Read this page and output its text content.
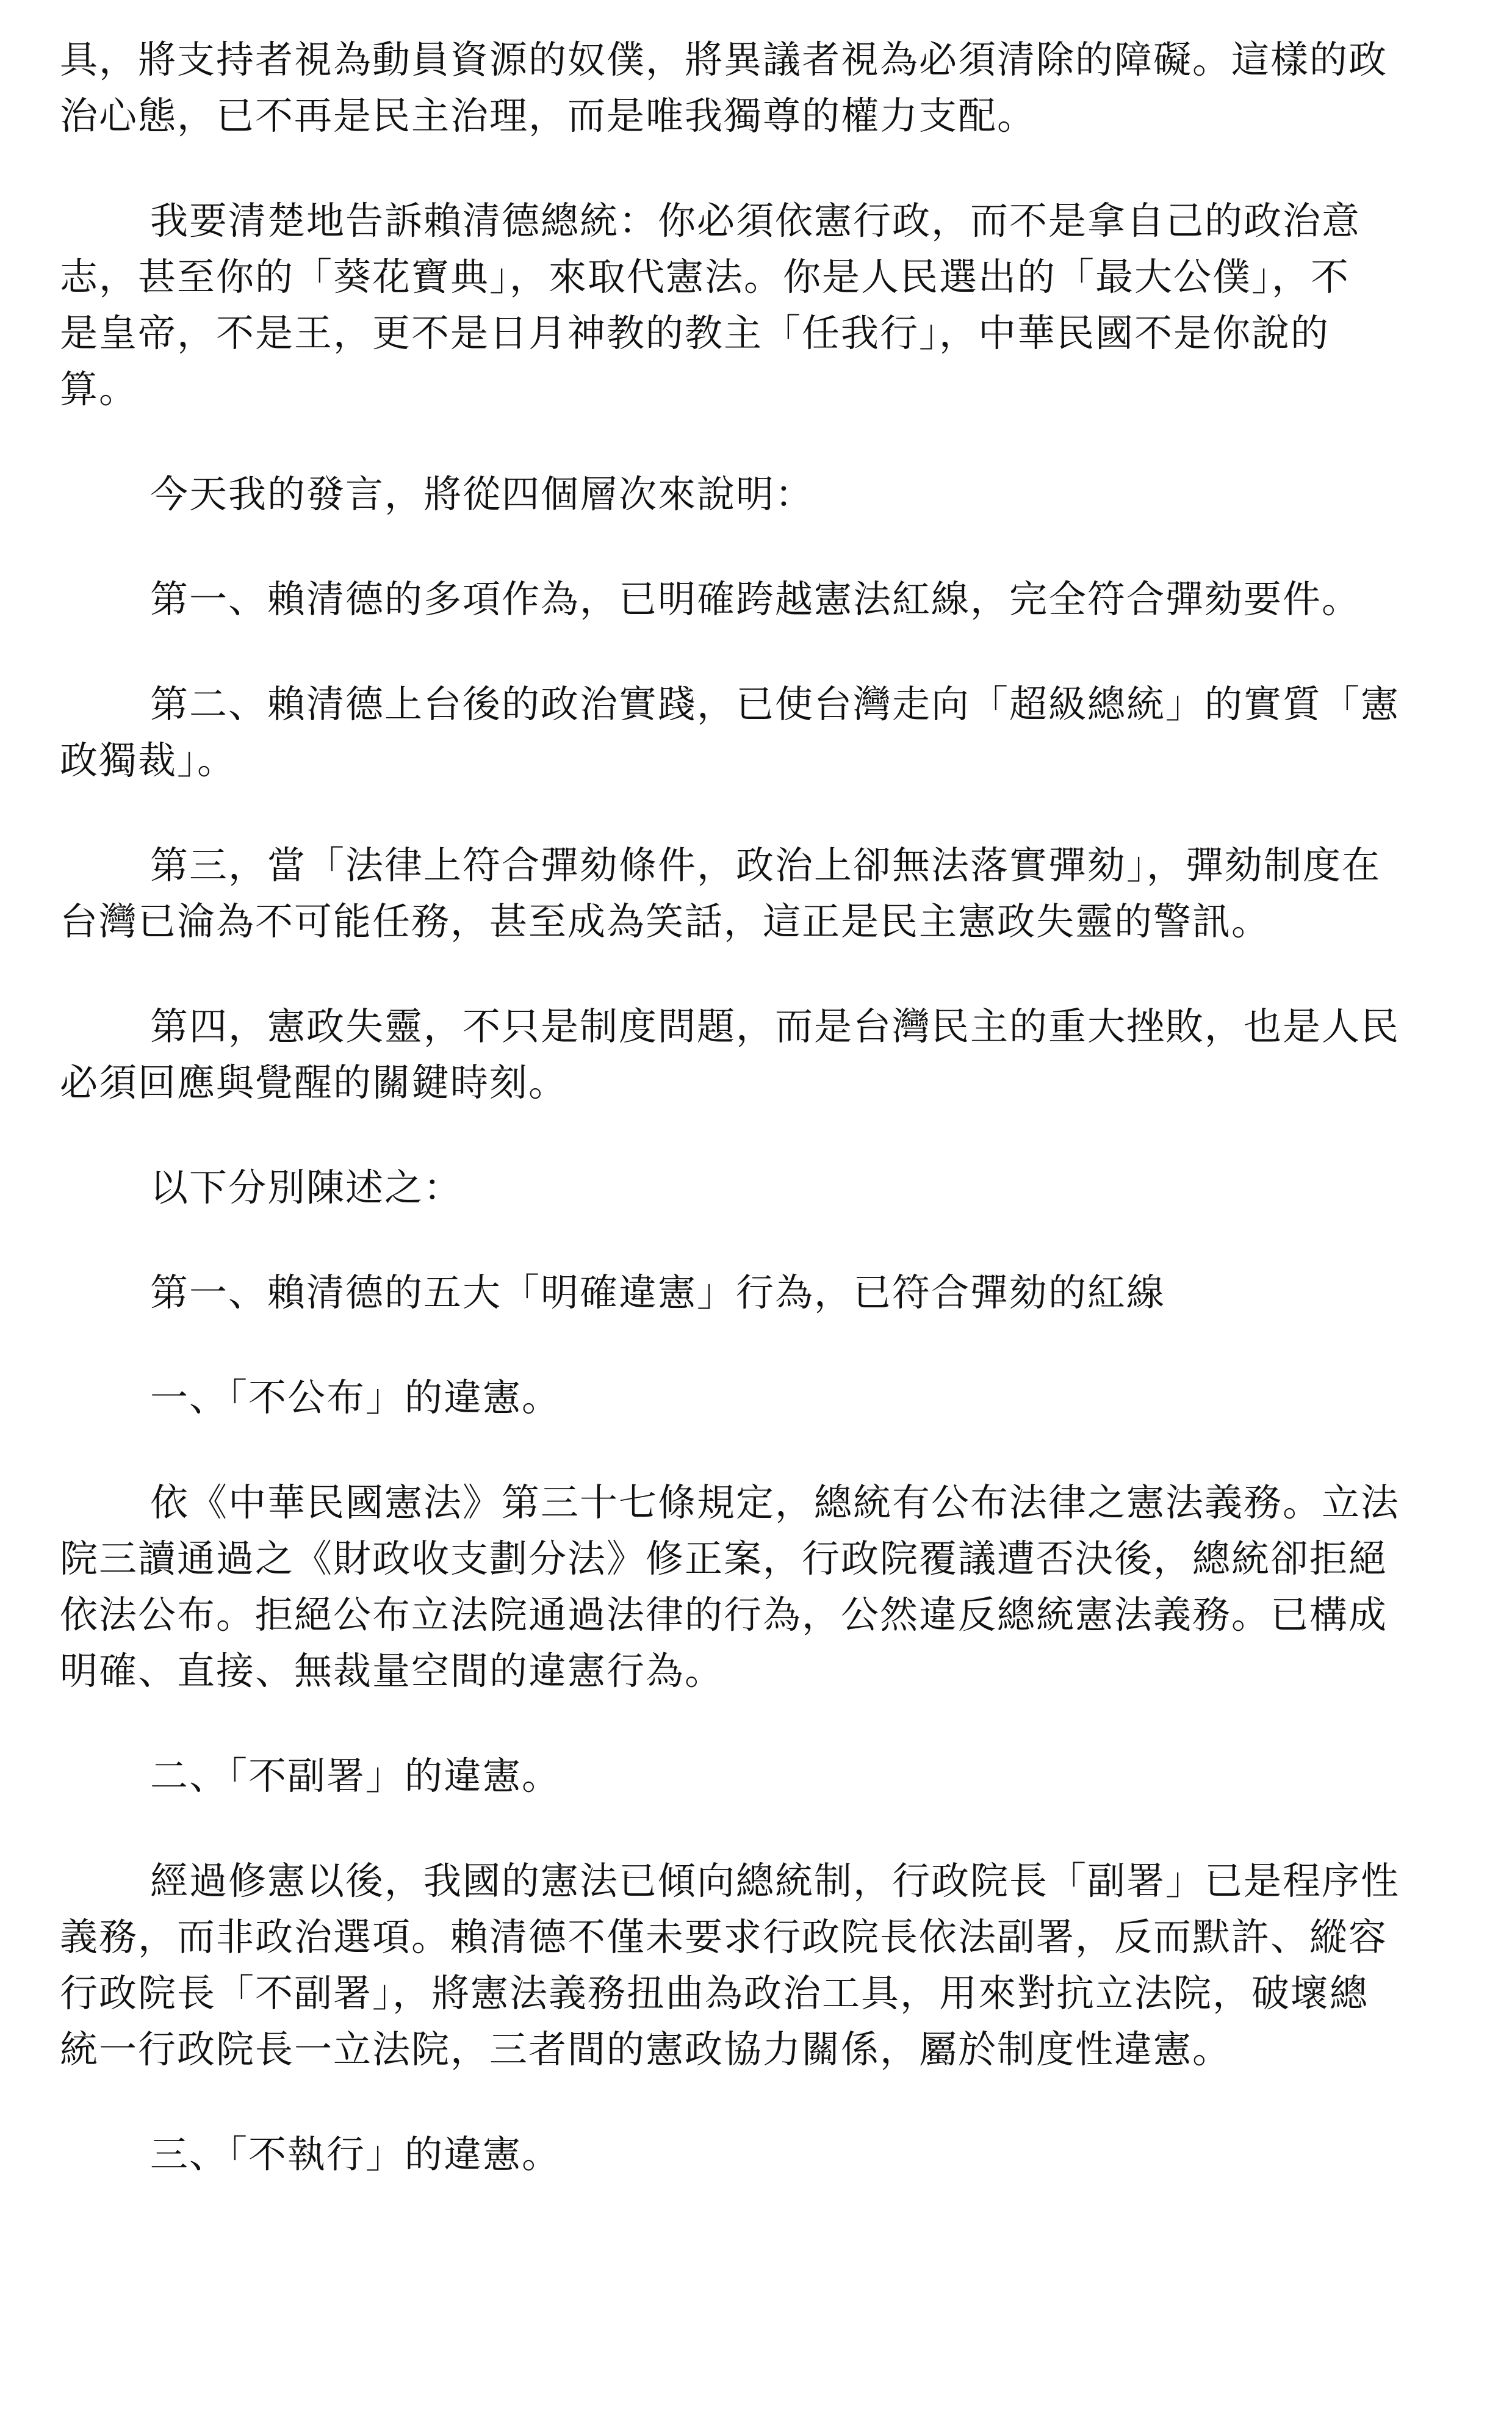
具，將支持者視為動員資源的奴僕，將異議者視為必須清除的障礙。這樣的政
治心態，已不再是民主治理，而是唯我獨尊的權力支配。
我要清楚地告訴賴清德總統：你必須依憲行政，而不是拿自己的政治意
志，甚至你的「葵花寶典」，來取代憲法。你是人民選出的「最大公僕」，不
是皇帝，不是王，更不是日月神教的教主「任我行」，中華民國不是你說的
算。
今天我的發言，將從四個層次來說明：
第一、賴清德的多項作為，已明確跨越憲法紅線，完全符合彈劾要件。
第二、賴清德上台後的政治實踐，已使台灣走向「超級總統」的實質「憲
政獨裁」。
第三，當「法律上符合彈劾條件，政治上卻無法落實彈劾」，彈劾制度在
台灣已淪為不可能任務，甚至成為笑話，這正是民主憲政失靈的警訊。
第四，憲政失靈，不只是制度問題，而是台灣民主的重大挫敗，也是人民
必須回應與覺醒的關鍵時刻。
以下分別陳述之：
第一、賴清德的五大「明確違憲」行為，已符合彈劾的紅線
一、「不公布」的違憲。
依《中華民國憲法》第三十七條規定，總統有公布法律之憲法義務。立法
院三讀通過之《財政收支劃分法》修正案，行政院覆議遭否決後，總統卻拒絕
依法公布。拒絕公布立法院通過法律的行為，公然違反總統憲法義務。已構成
明確、直接、無裁量空間的違憲行為。
二、「不副署」的違憲。
經過修憲以後，我國的憲法已傾向總統制，行政院長「副署」已是程序性
義務，而非政治選項。賴清德不僅未要求行政院長依法副署，反而默許、縱容
行政院長「不副署」，將憲法義務扭曲為政治工具，用來對抗立法院，破壞總
統一行政院長一立法院，三者間的憲政協力關係，屬於制度性違憲。
三、「不執行」的違憲。
